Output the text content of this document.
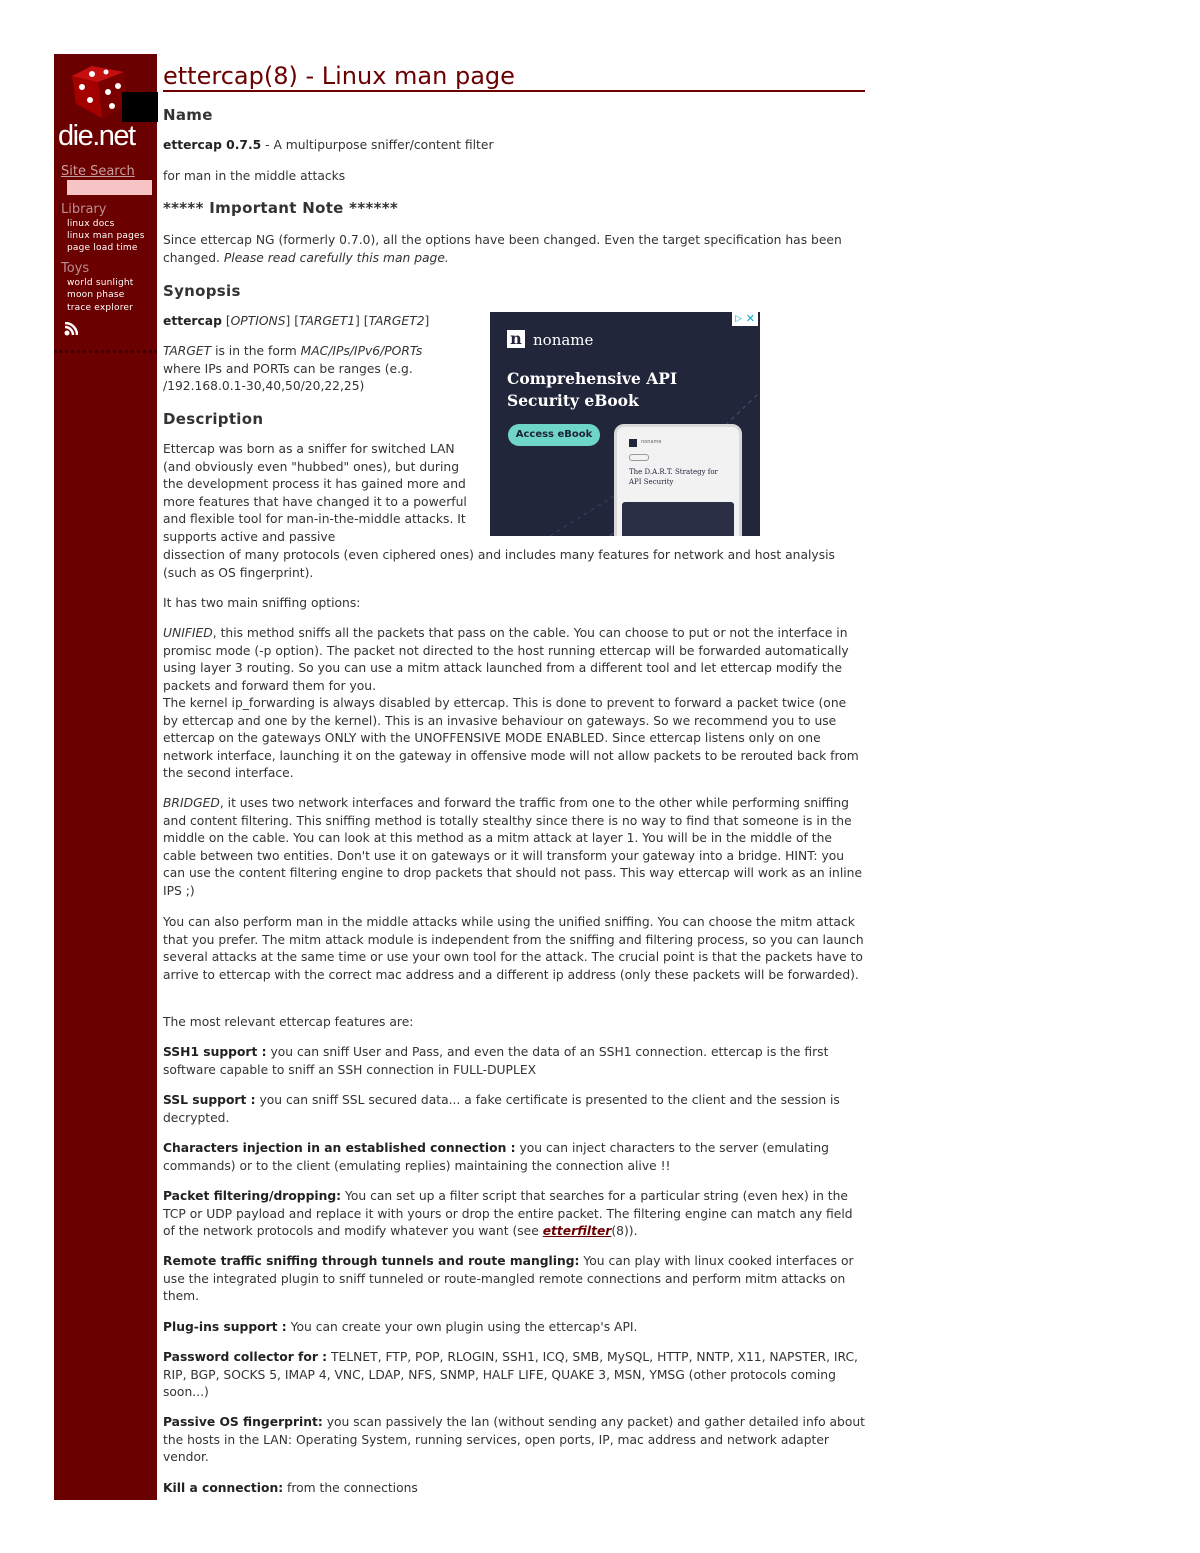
die.net
Site Search
Library
linux docs
linux man pages
page load time
Toys
world sunlight
moon phase
trace explorer
ettercap(8) - Linux man page
Name
ettercap 0.7.5 - A multipurpose sniffer/content filter
for man in the middle attacks
***** Important Note ******
Since ettercap NG (formerly 0.7.0), all the options have been changed. Even the target specification has been changed. Please read carefully this man page.
Synopsis
ettercap [OPTIONS] [TARGET1] [TARGET2]
TARGET is in the form MAC/IPs/IPv6/PORTs where IPs and PORTs can be ranges (e.g. /192.168.0.1-30,40,50/20,22,25)
Description
Ettercap was born as a sniffer for switched LAN (and obviously even "hubbed" ones), but during the development process it has gained more and more features that have changed it to a powerful and flexible tool for man-in-the-middle attacks. It supports active and passive
dissection of many protocols (even ciphered ones) and includes many features for network and host analysis (such as OS fingerprint).
It has two main sniffing options:
UNIFIED, this method sniffs all the packets that pass on the cable. You can choose to put or not the interface in promisc mode (-p option). The packet not directed to the host running ettercap will be forwarded automatically using layer 3 routing. So you can use a mitm attack launched from a different tool and let ettercap modify the packets and forward them for you.
The kernel ip_forwarding is always disabled by ettercap. This is done to prevent to forward a packet twice (one by ettercap and one by the kernel). This is an invasive behaviour on gateways. So we recommend you to use ettercap on the gateways ONLY with the UNOFFENSIVE MODE ENABLED. Since ettercap listens only on one network interface, launching it on the gateway in offensive mode will not allow packets to be rerouted back from the second interface.
BRIDGED, it uses two network interfaces and forward the traffic from one to the other while performing sniffing and content filtering. This sniffing method is totally stealthy since there is no way to find that someone is in the middle on the cable. You can look at this method as a mitm attack at layer 1. You will be in the middle of the cable between two entities. Don't use it on gateways or it will transform your gateway into a bridge. HINT: you can use the content filtering engine to drop packets that should not pass. This way ettercap will work as an inline IPS ;)
You can also perform man in the middle attacks while using the unified sniffing. You can choose the mitm attack that you prefer. The mitm attack module is independent from the sniffing and filtering process, so you can launch several attacks at the same time or use your own tool for the attack. The crucial point is that the packets have to arrive to ettercap with the correct mac address and a different ip address (only these packets will be forwarded).
The most relevant ettercap features are:
SSH1 support : you can sniff User and Pass, and even the data of an SSH1 connection. ettercap is the first software capable to sniff an SSH connection in FULL-DUPLEX
SSL support : you can sniff SSL secured data... a fake certificate is presented to the client and the session is decrypted.
Characters injection in an established connection : you can inject characters to the server (emulating commands) or to the client (emulating replies) maintaining the connection alive !!
Packet filtering/dropping: You can set up a filter script that searches for a particular string (even hex) in the TCP or UDP payload and replace it with yours or drop the entire packet. The filtering engine can match any field of the network protocols and modify whatever you want (see etterfilter(8)).
Remote traffic sniffing through tunnels and route mangling: You can play with linux cooked interfaces or use the integrated plugin to sniff tunneled or route-mangled remote connections and perform mitm attacks on them.
Plug-ins support : You can create your own plugin using the ettercap's API.
Password collector for : TELNET, FTP, POP, RLOGIN, SSH1, ICQ, SMB, MySQL, HTTP, NNTP, X11, NAPSTER, IRC, RIP, BGP, SOCKS 5, IMAP 4, VNC, LDAP, NFS, SNMP, HALF LIFE, QUAKE 3, MSN, YMSG (other protocols coming soon...)
Passive OS fingerprint: you scan passively the lan (without sending any packet) and gather detailed info about the hosts in the LAN: Operating System, running services, open ports, IP, mac address and network adapter vendor.
Kill a connection: from the connections
n noname
Comprehensive API Security eBook
Access eBook
noname
The D.A.R.T. Strategy for API Security
▷ ✕
